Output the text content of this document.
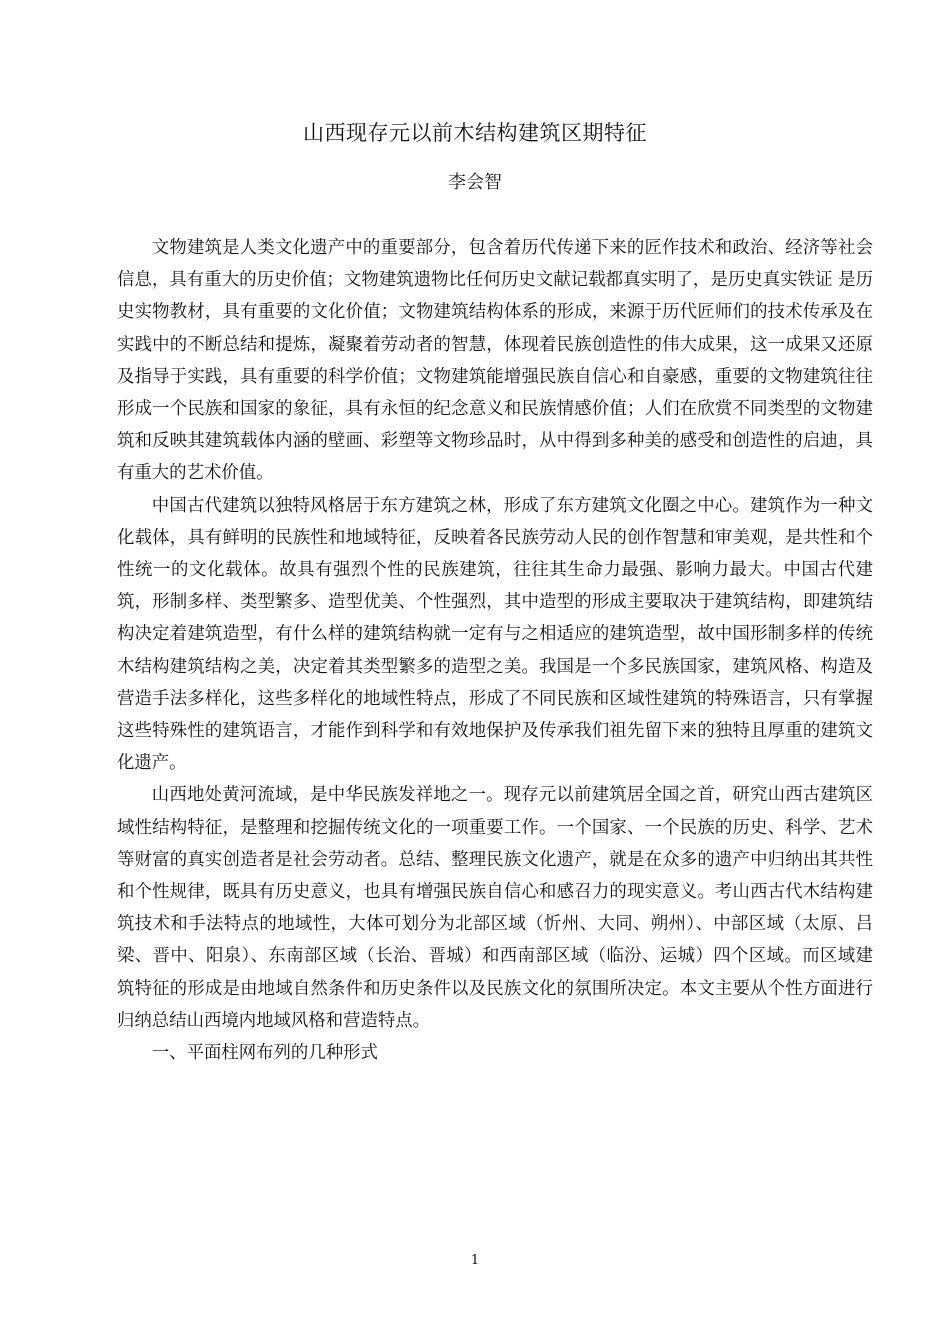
山西现存元以前木结构建筑区期特征
李会智

文物建筑是人类文化遗产中的重要部分，包含着历代传递下来的匠作技术和政治、经济等社会信息，具有重大的历史价值；文物建筑遗物比任何历史文献记载都真实明了，是历史真实铁证 是历史实物教材，具有重要的文化价值；文物建筑结构体系的形成，来源于历代匠师们的技术传承及在实践中的不断总结和提炼，凝聚着劳动者的智慧，体现着民族创造性的伟大成果，这一成果又还原及指导于实践，具有重要的科学价值；文物建筑能增强民族自信心和自豪感，重要的文物建筑往往形成一个民族和国家的象征，具有永恒的纪念意义和民族情感价值；人们在欣赏不同类型的文物建筑和反映其建筑载体内涵的壁画、彩塑等文物珍品时，从中得到多种美的感受和创造性的启迪，具有重大的艺术价值。

中国古代建筑以独特风格居于东方建筑之林，形成了东方建筑文化圈之中心。建筑作为一种文化载体，具有鲜明的民族性和地域特征，反映着各民族劳动人民的创作智慧和审美观，是共性和个性统一的文化载体。故具有强烈个性的民族建筑，往往其生命力最强、影响力最大。中国古代建筑，形制多样、类型繁多、造型优美、个性强烈，其中造型的形成主要取决于建筑结构，即建筑结构决定着建筑造型，有什么样的建筑结构就一定有与之相适应的建筑造型，故中国形制多样的传统木结构建筑结构之美，决定着其类型繁多的造型之美。我国是一个多民族国家，建筑风格、构造及营造手法多样化，这些多样化的地域性特点，形成了不同民族和区域性建筑的特殊语言，只有掌握这些特殊性的建筑语言，才能作到科学和有效地保护及传承我们祖先留下来的独特且厚重的建筑文化遗产。

山西地处黄河流域，是中华民族发祥地之一。现存元以前建筑居全国之首，研究山西古建筑区域性结构特征，是整理和挖掘传统文化的一项重要工作。一个国家、一个民族的历史、科学、艺术等财富的真实创造者是社会劳动者。总结、整理民族文化遗产，就是在众多的遗产中归纳出其共性和个性规律，既具有历史意义，也具有增强民族自信心和感召力的现实意义。考山西古代木结构建筑技术和手法特点的地域性，大体可划分为北部区域（忻州、大同、朔州）、中部区域（太原、吕梁、晋中、阳泉）、东南部区域（长治、晋城）和西南部区域（临汾、运城）四个区域。而区域建筑特征的形成是由地域自然条件和历史条件以及民族文化的氛围所决定。本文主要从个性方面进行归纳总结山西境内地域风格和营造特点。

一、平面柱网布列的几种形式

1
